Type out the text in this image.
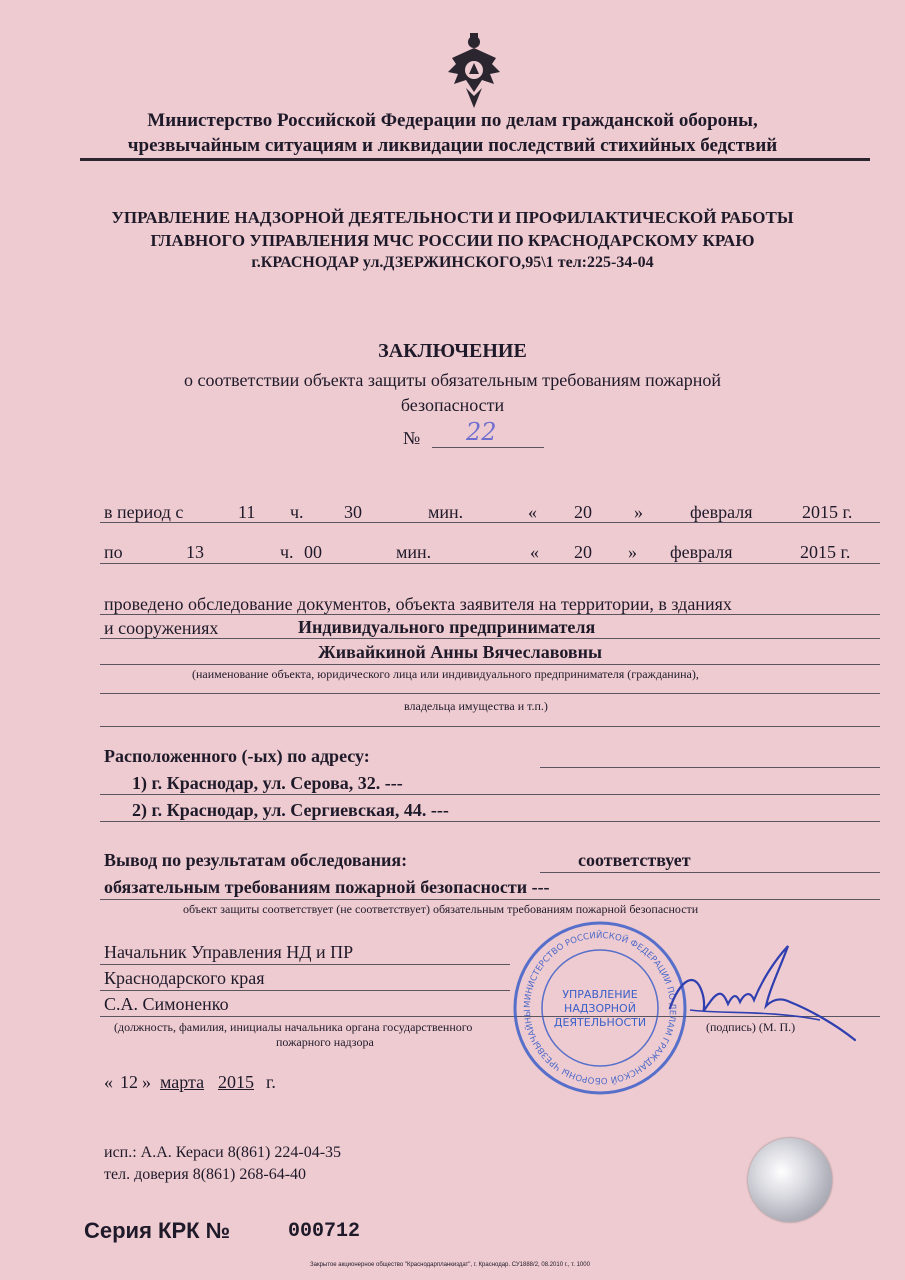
Министерство Российской Федерации по делам гражданской обороны,
чрезвычайным ситуациям и ликвидации последствий стихийных бедствий
УПРАВЛЕНИЕ НАДЗОРНОЙ ДЕЯТЕЛЬНОСТИ И ПРОФИЛАКТИЧЕСКОЙ РАБОТЫ
ГЛАВНОГО УПРАВЛЕНИЯ МЧС РОССИИ ПО КРАСНОДАРСКОМУ КРАЮ
г.КРАСНОДАР ул.ДЗЕРЖИНСКОГО,95\1 тел:225-34-04
ЗАКЛЮЧЕНИЕ
о соответствии объекта защиты обязательным требованиям пожарной
безопасности
№ 22
в период с	11 ч. 30	мин.	« 20 »	февраля	2015 г.
по	13	ч. 00	мин.	« 20 » февраля	2015 г.
проведено обследование документов, объекта заявителя на территории, в зданиях
и сооружениях	Индивидуального предпринимателя
Живайкиной Анны Вячеславовны
(наименование объекта, юридического лица или индивидуального предпринимателя (гражданина),
владельца имущества и т.п.)
Расположенного (-ых) по адресу:
1) г. Краснодар, ул. Серова, 32. ---
2) г. Краснодар, ул. Сергиевская, 44. ---
Вывод по результатам обследования:	соответствует
обязательным требованиям пожарной безопасности ---
объект защиты соответствует (не соответствует) обязательным требованиям пожарной безопасности
Начальник Управления НД и ПР
Краснодарского края
С.А. Симоненко
(должность, фамилия, инициалы начальника органа государственного
пожарного надзора
(подпись) (М. П.)
МИНИСТЕРСТВО РОССИЙСКОЙ ФЕДЕРАЦИИ ПО ДЕЛАМ ГРАЖДАНСКОЙ ОБОРОНЫ ЧРЕЗВЫЧАЙНЫ
УПРАВЛЕНИЕ
НАДЗОРНОЙ
ДЕЯТЕЛЬНОСТИ
« 12 » марта 2015 г.
исп.: А.А. Кераси 8(861) 224-04-35
тел. доверия 8(861) 268-64-40
Серия КРК №	000712
Закрытое акционерное общество "Краснодарпланкиздат", г. Краснодар. СУ1888/2, 08.2010 г., т. 1000
